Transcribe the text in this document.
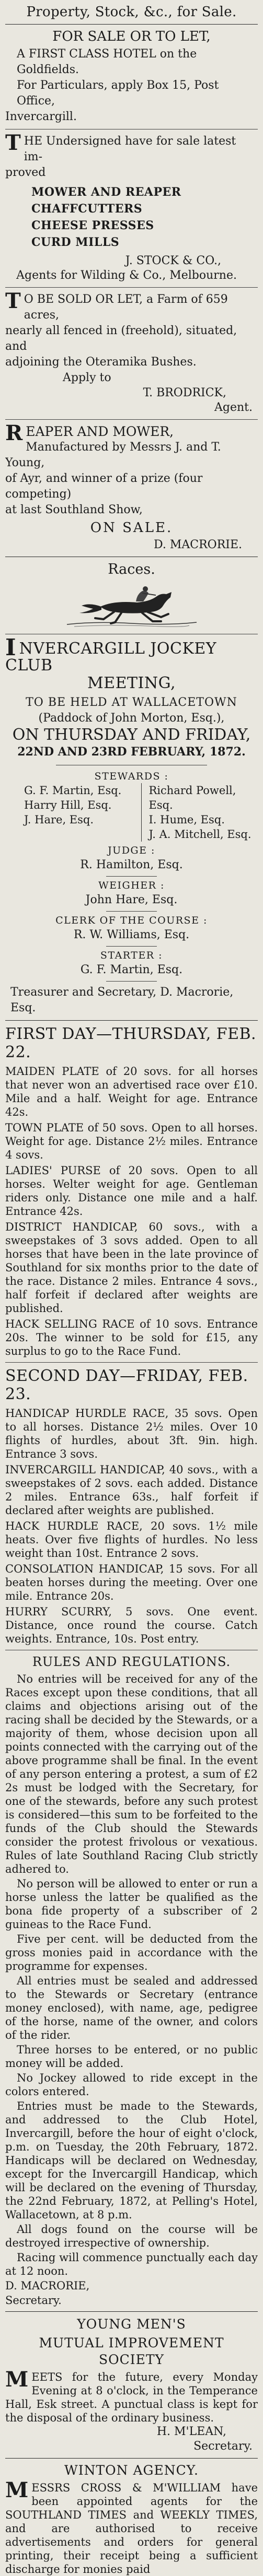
Property, Stock, &c., for Sale.
FOR SALE OR TO LET,

A FIRST CLASS HOTEL on the Goldfields.

For Particulars, apply Box 15, Post Office,

Invercargill.

T HE Undersigned have for sale latest im-

proved

MOWER AND REAPER
CHAFFCUTTERS
CHEESE PRESSES
CURD MILLS

J. STOCK & CO.,

Agents for Wilding & Co., Melbourne.

T O BE SOLD OR LET, a Farm of 659 acres,

nearly all fenced in (freehold), situated, and

adjoining the Oteramika Bushes.

Apply to

T. BRODRICK,

Agent.

R EAPER AND MOWER,

Manufactured by Messrs J. and T. Young,

of Ayr, and winner of a prize (four competing)

at last Southland Show,

ON SALE.

D. MACRORIE.

Races.
I NVERCARGILL JOCKEY CLUB
MEETING,
TO BE HELD AT WALLACETOWN
(Paddock of John Morton, Esq.),
ON THURSDAY AND FRIDAY,
22ND AND 23RD FEBRUARY, 1872.
STEWARDS :
G. F. Martin, Esq.
Harry Hill, Esq.
J. Hare, Esq.
Richard Powell, Esq.
I. Hume, Esq.
J. A. Mitchell, Esq.
JUDGE :
R. Hamilton, Esq.
WEIGHER :
John Hare, Esq.
CLERK OF THE COURSE :
R. W. Williams, Esq.
STARTER :
G. F. Martin, Esq.
Treasurer and Secretary, D. Macrorie, Esq.
FIRST DAY—THURSDAY, FEB. 22.

MAIDEN PLATE of 20 sovs. for all horses that never won an advertised race over £10. Mile and a half. Weight for age. Entrance 42s.

TOWN PLATE of 50 sovs. Open to all horses. Weight for age. Distance 2½ miles. Entrance 4 sovs.

LADIES' PURSE of 20 sovs. Open to all horses. Welter weight for age. Gentleman riders only. Distance one mile and a half. Entrance 42s.

DISTRICT HANDICAP, 60 sovs., with a sweepstakes of 3 sovs added. Open to all horses that have been in the late province of Southland for six months prior to the date of the race. Distance 2 miles. Entrance 4 sovs., half forfeit if declared after weights are published.

HACK SELLING RACE of 10 sovs. Entrance 20s. The winner to be sold for £15, any surplus to go to the Race Fund.

SECOND DAY—FRIDAY, FEB. 23.

HANDICAP HURDLE RACE, 35 sovs. Open to all horses. Distance 2½ miles. Over 10 flights of hurdles, about 3ft. 9in. high. Entrance 3 sovs.

INVERCARGILL HANDICAP, 40 sovs., with a sweepstakes of 2 sovs. each added. Distance 2 miles. Entrance 63s., half forfeit if declared after weights are published.

HACK HURDLE RACE, 20 sovs. 1½ mile heats. Over five flights of hurdles. No less weight than 10st. Entrance 2 sovs.

CONSOLATION HANDICAP, 15 sovs. For all beaten horses during the meeting. Over one mile. Entrance 20s.

HURRY SCURRY, 5 sovs. One event. Distance, once round the course. Catch weights. Entrance, 10s. Post entry.

RULES AND REGULATIONS.

No entries will be received for any of the Races except upon these conditions, that all claims and objections arising out of the racing shall be decided by the Stewards, or a majority of them, whose decision upon all points connected with the carrying out of the above programme shall be final. In the event of any person entering a protest, a sum of £2 2s must be lodged with the Secretary, for one of the stewards, before any such protest is considered—this sum to be forfeited to the funds of the Club should the Stewards consider the protest frivolous or vexatious. Rules of late Southland Racing Club strictly adhered to.

No person will be allowed to enter or run a horse unless the latter be qualified as the bona fide property of a subscriber of 2 guineas to the Race Fund.

Five per cent. will be deducted from the gross monies paid in accordance with the programme for expenses.

All entries must be sealed and addressed to the Stewards or Secretary (entrance money enclosed), with name, age, pedigree of the horse, name of the owner, and colors of the rider.

Three horses to be entered, or no public money will be added.

No Jockey allowed to ride except in the colors entered.

Entries must be made to the Stewards, and addressed to the Club Hotel, Invercargill, before the hour of eight o'clock, p.m. on Tuesday, the 20th February, 1872. Handicaps will be declared on Wednesday, except for the Invercargill Handicap, which will be declared on the evening of Thursday, the 22nd February, 1872, at Pelling's Hotel, Wallacetown, at 8 p.m.

All dogs found on the course will be destroyed irrespective of ownership.

Racing will commence punctually each day at 12 noon.

D. MACRORIE,

Secretary.

YOUNG MEN'S
MUTUAL IMPROVEMENT SOCIETY
M EETS for the future, every Monday Evening at 8 o'clock, in the Temperance Hall, Esk street. A punctual class is kept for the disposal of the ordinary business.

H. M'LEAN,

Secretary.

WINTON AGENCY.
M ESSRS CROSS & M'WILLIAM have been appointed agents for the SOUTHLAND TIMES and WEEKLY TIMES, and are authorised to receive advertisements and orders for general printing, their receipt being a sufficient discharge for monies paid
